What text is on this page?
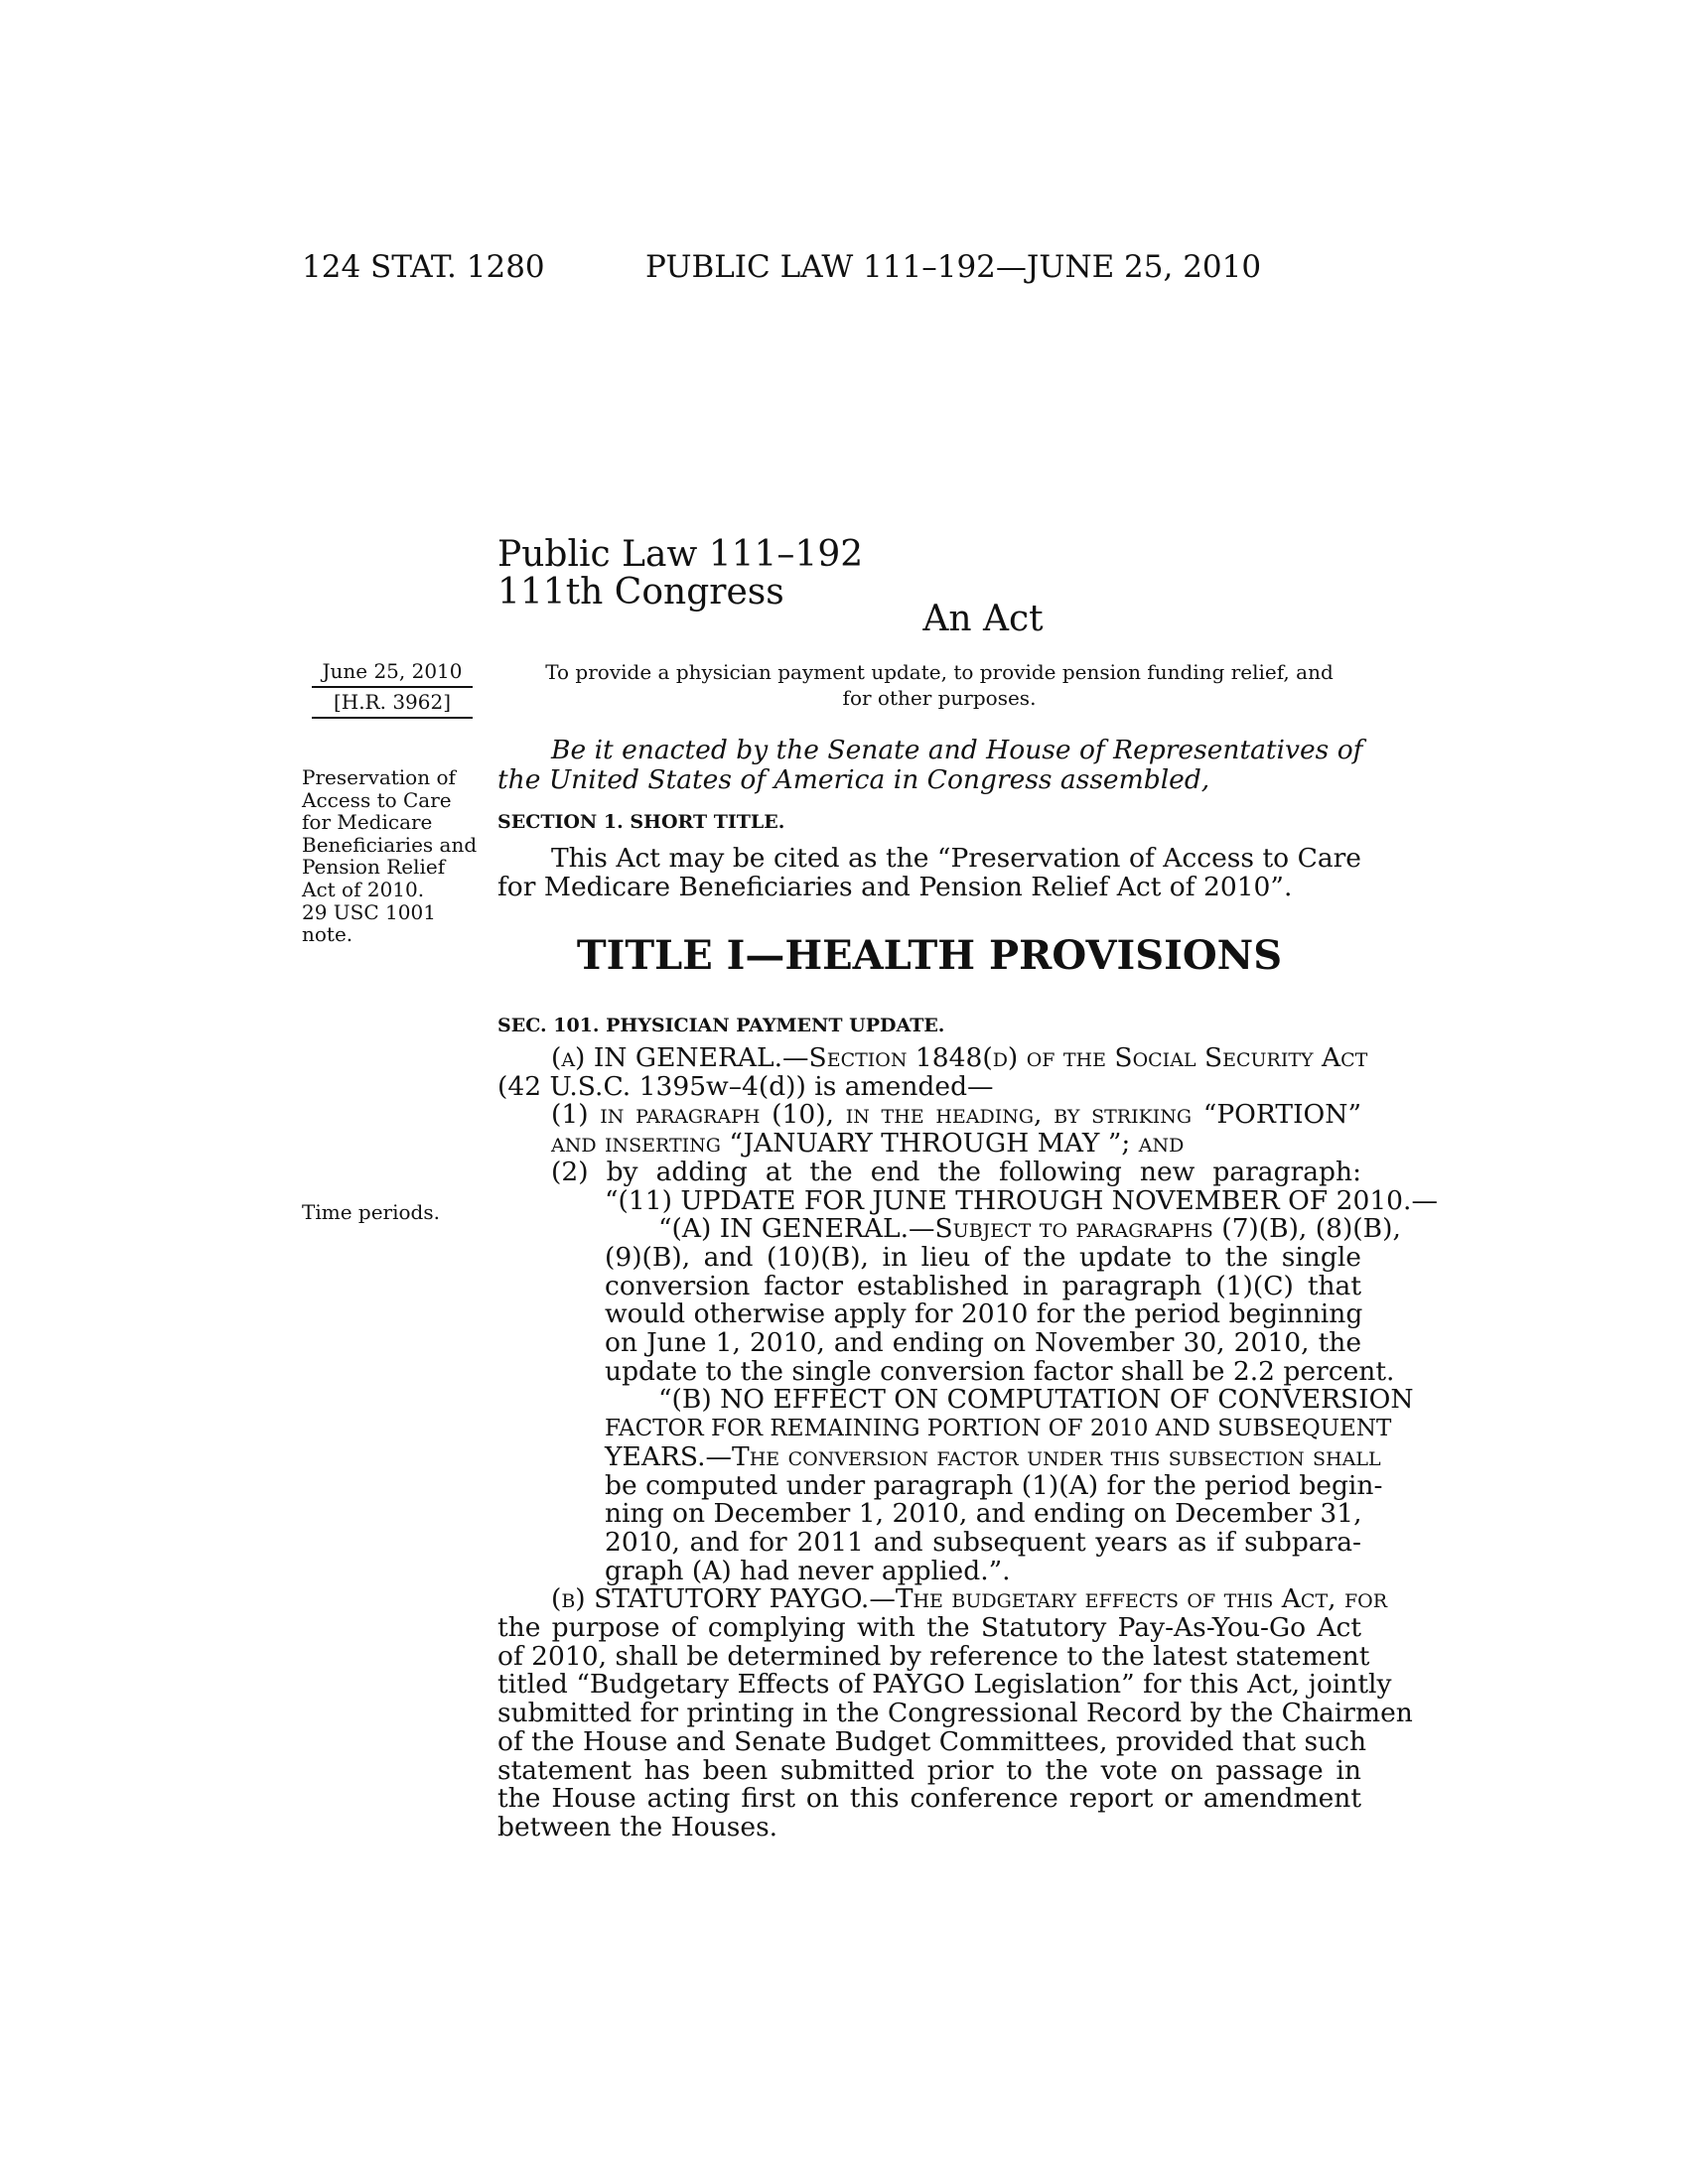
124 STAT. 1280	PUBLIC LAW 111–192—JUNE 25, 2010
Public Law 111–192
111th Congress
An Act
June 25, 2010
[H.R. 3962]
To provide a physician payment update, to provide pension funding relief, and
for other purposes.
Be it enacted by the Senate and House of Representatives of
the United States of America in Congress assembled,
Preservation of
Access to Care
for Medicare
Beneficiaries and
Pension Relief
Act of 2010.
29 USC 1001
note.
SECTION 1. SHORT TITLE.
This Act may be cited as the “Preservation of Access to Care
for Medicare Beneficiaries and Pension Relief Act of 2010”.
TITLE I—HEALTH PROVISIONS
SEC. 101. PHYSICIAN PAYMENT UPDATE.
(a) IN GENERAL.—Section 1848(d) of the Social Security Act
(42 U.S.C. 1395w–4(d)) is amended—
(1) in paragraph (10), in the heading, by striking “PORTION”
and inserting “JANUARY THROUGH MAY ”; and
(2) by adding at the end the following new paragraph:
“(11) UPDATE FOR JUNE THROUGH NOVEMBER OF 2010.—
“(A) IN GENERAL.—Subject to paragraphs (7)(B), (8)(B),
(9)(B), and (10)(B), in lieu of the update to the single
conversion factor established in paragraph (1)(C) that
would otherwise apply for 2010 for the period beginning
on June 1, 2010, and ending on November 30, 2010, the
update to the single conversion factor shall be 2.2 percent.
“(B) NO EFFECT ON COMPUTATION OF CONVERSION
FACTOR FOR REMAINING PORTION OF 2010 AND SUBSEQUENT
YEARS.—The conversion factor under this subsection shall
be computed under paragraph (1)(A) for the period begin-
ning on December 1, 2010, and ending on December 31,
2010, and for 2011 and subsequent years as if subpara-
graph (A) had never applied.”.
(b) STATUTORY PAYGO.—The budgetary effects of this Act, for
the purpose of complying with the Statutory Pay-As-You-Go Act
of 2010, shall be determined by reference to the latest statement
titled “Budgetary Effects of PAYGO Legislation” for this Act, jointly
submitted for printing in the Congressional Record by the Chairmen
of the House and Senate Budget Committees, provided that such
statement has been submitted prior to the vote on passage in
the House acting first on this conference report or amendment
between the Houses.
Time periods.
